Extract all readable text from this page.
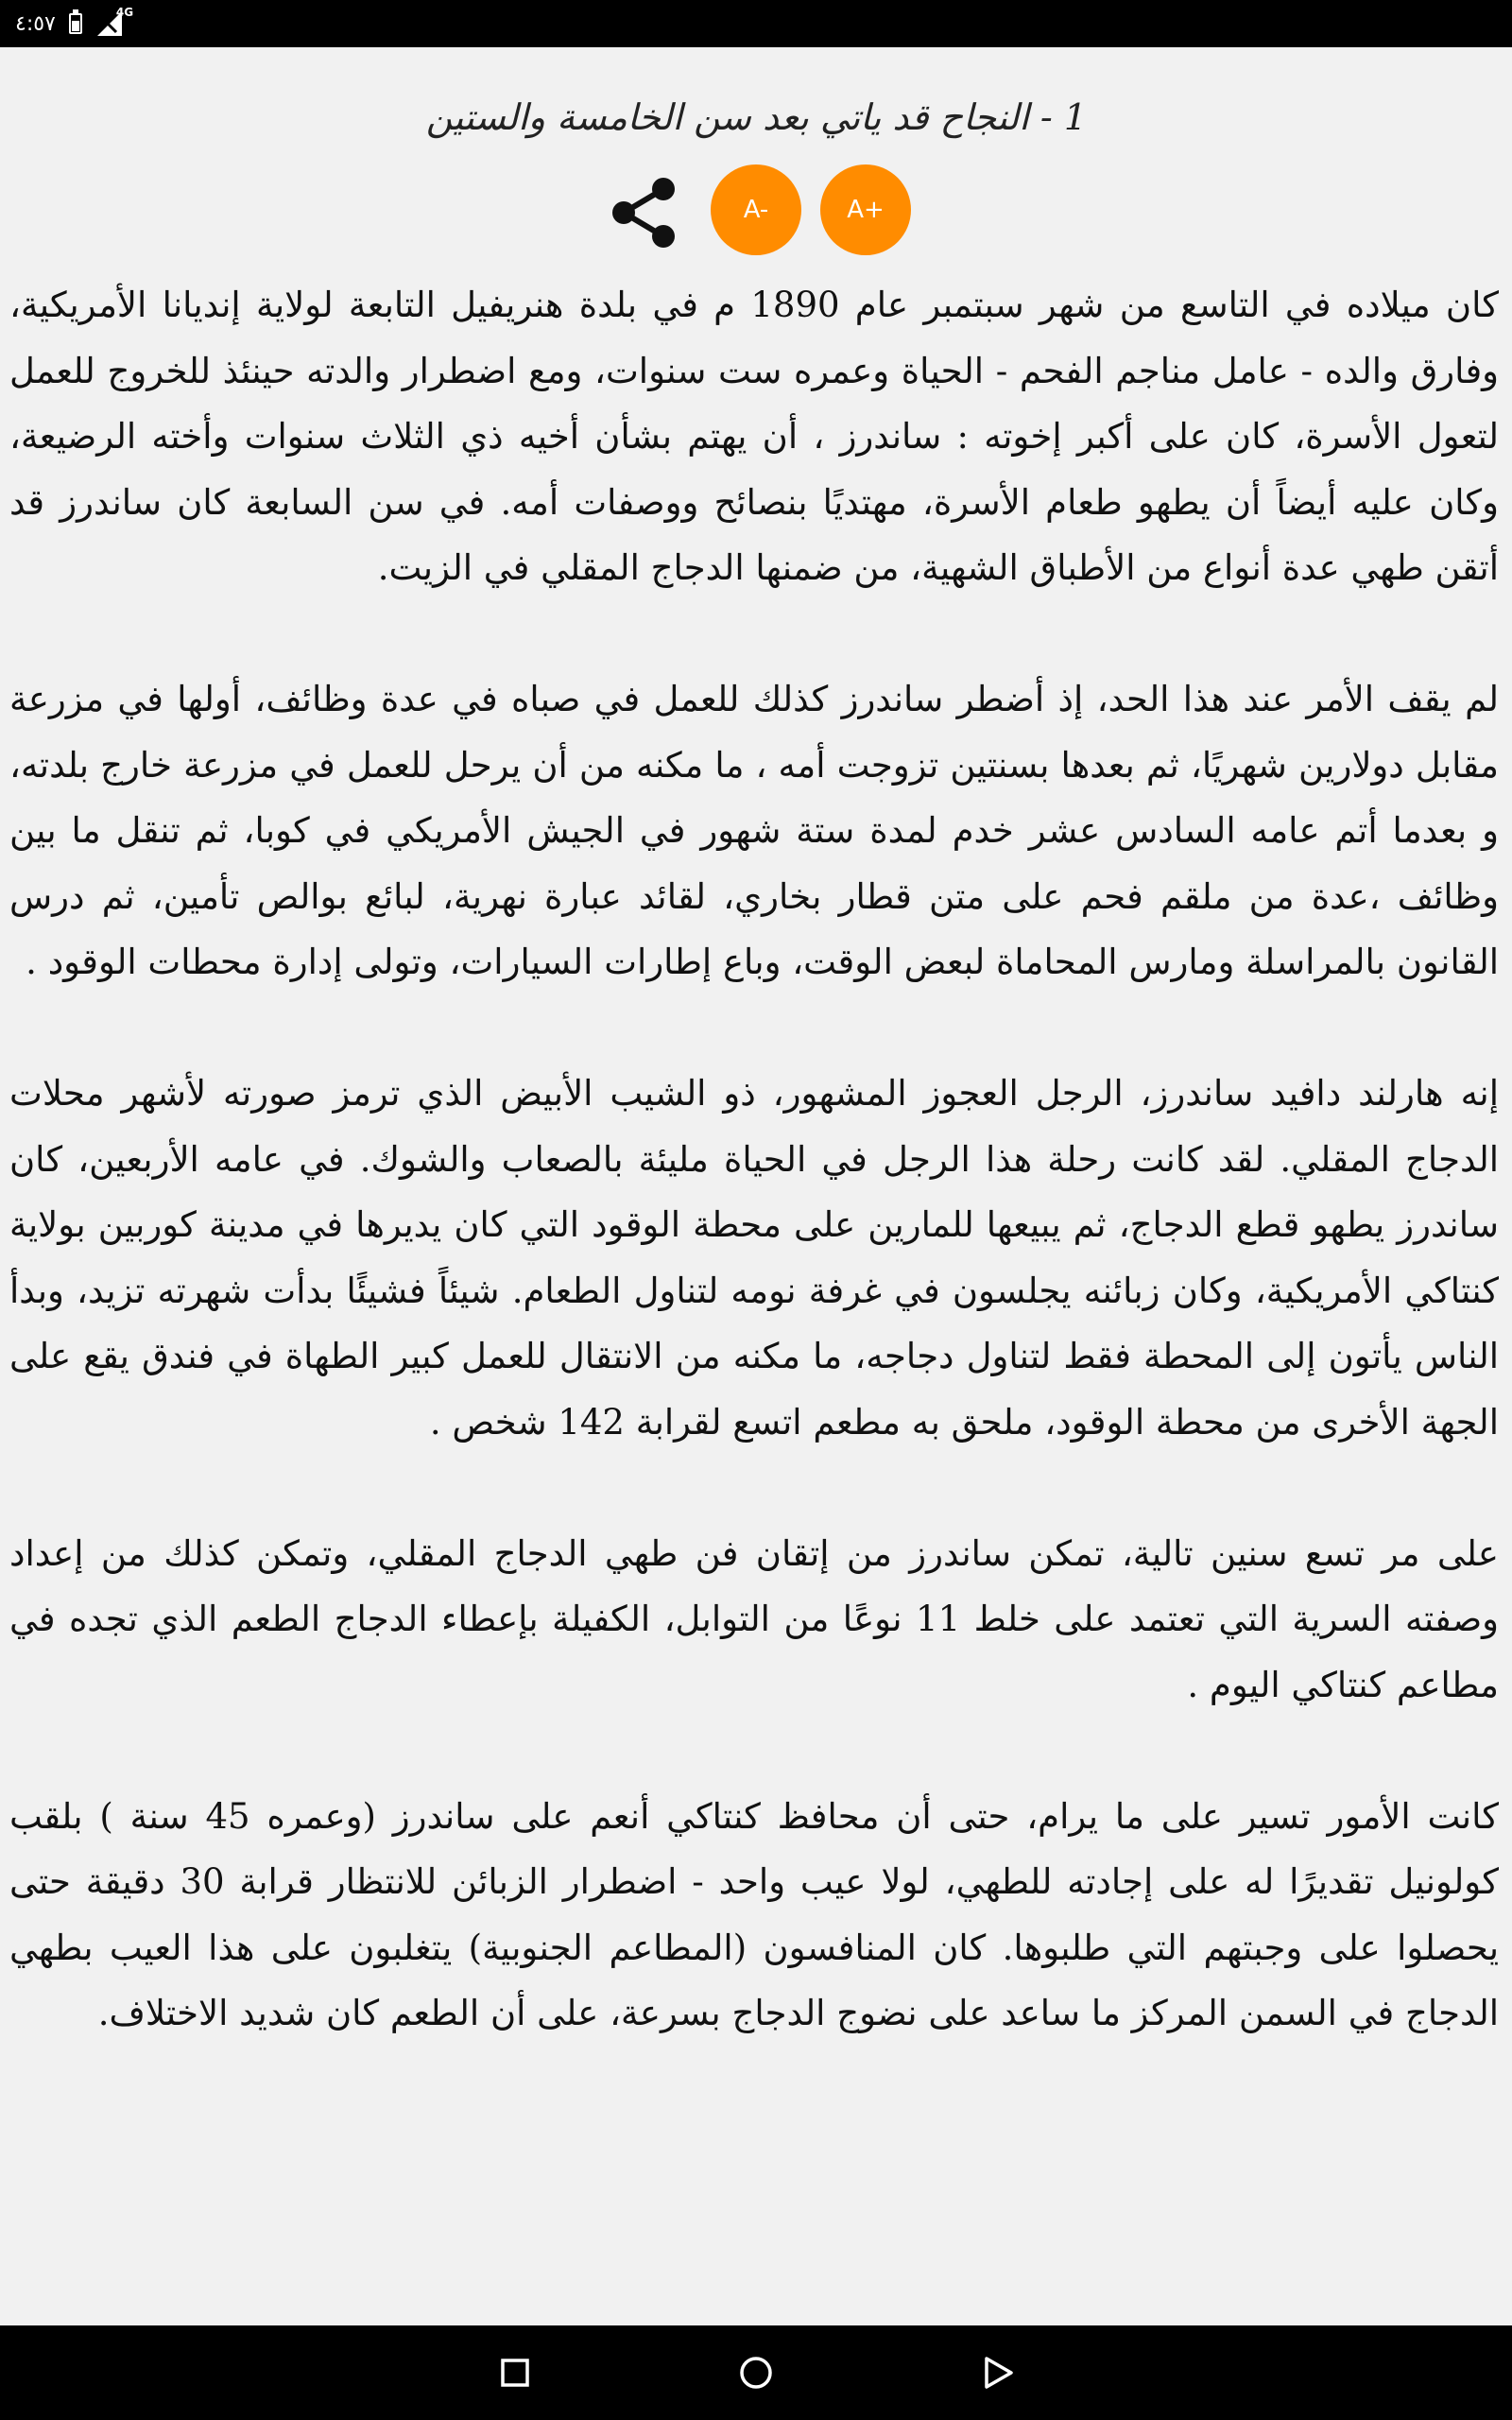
٤:٥٧	4G
1 - النجاح قد ياتي بعد سن الخامسة والستين
A-	A+

كان ميلاده في التاسع من شهر سبتمبر عام 1890 م في بلدة هنريفيل التابعة لولاية إنديانا الأمريكية، وفارق والده - عامل مناجم الفحم - الحياة وعمره ست سنوات، ومع اضطرار والدته حينئذ للخروج للعمل لتعول الأسرة، كان على أكبر إخوته : ساندرز ، أن يهتم بشأن أخيه ذي الثلاث سنوات وأخته الرضيعة، وكان عليه أيضاً أن يطهو طعام الأسرة، مهتديًا بنصائح ووصفات أمه. في سن السابعة كان ساندرز قد أتقن طهي عدة أنواع من الأطباق الشهية، من ضمنها الدجاج المقلي في الزيت.

لم يقف الأمر عند هذا الحد، إذ أضطر ساندرز كذلك للعمل في صباه في عدة وظائف، أولها في مزرعة مقابل دولارين شهريًا، ثم بعدها بسنتين تزوجت أمه ، ما مكنه من أن يرحل للعمل في مزرعة خارج بلدته، و بعدما أتم عامه السادس عشر خدم لمدة ستة شهور في الجيش الأمريكي في كوبا، ثم تنقل ما بين وظائف ،عدة من ملقم فحم على متن قطار بخاري، لقائد عبارة نهرية، لبائع بوالص تأمين، ثم درس القانون بالمراسلة ومارس المحاماة لبعض الوقت، وباع إطارات السيارات، وتولى إدارة محطات الوقود .

إنه هارلند دافيد ساندرز، الرجل العجوز المشهور، ذو الشيب الأبيض الذي ترمز صورته لأشهر محلات الدجاج المقلي. لقد كانت رحلة هذا الرجل في الحياة مليئة بالصعاب والشوك. في عامه الأربعين، كان ساندرز يطهو قطع الدجاج، ثم يبيعها للمارين على محطة الوقود التي كان يديرها في مدينة كوربين بولاية كنتاكي الأمريكية، وكان زبائنه يجلسون في غرفة نومه لتناول الطعام. شيئاً فشيئًا بدأت شهرته تزيد، وبدأ الناس يأتون إلى المحطة فقط لتناول دجاجه، ما مكنه من الانتقال للعمل كبير الطهاة في فندق يقع على الجهة الأخرى من محطة الوقود، ملحق به مطعم اتسع لقرابة 142 شخص .

على مر تسع سنين تالية، تمكن ساندرز من إتقان فن طهي الدجاج المقلي، وتمكن كذلك من إعداد وصفته السرية التي تعتمد على خلط 11 نوعًا من التوابل، الكفيلة بإعطاء الدجاج الطعم الذي تجده في مطاعم كنتاكي اليوم .

كانت الأمور تسير على ما يرام، حتى أن محافظ كنتاكي أنعم على ساندرز (وعمره 45 سنة ) بلقب كولونيل تقديرًا له على إجادته للطهي، لولا عيب واحد - اضطرار الزبائن للانتظار قرابة 30 دقيقة حتى يحصلوا على وجبتهم التي طلبوها. كان المنافسون (المطاعم الجنوبية) يتغلبون على هذا العيب بطهي الدجاج في السمن المركز ما ساعد على نضوج الدجاج بسرعة، على أن الطعم كان شديد الاختلاف.
